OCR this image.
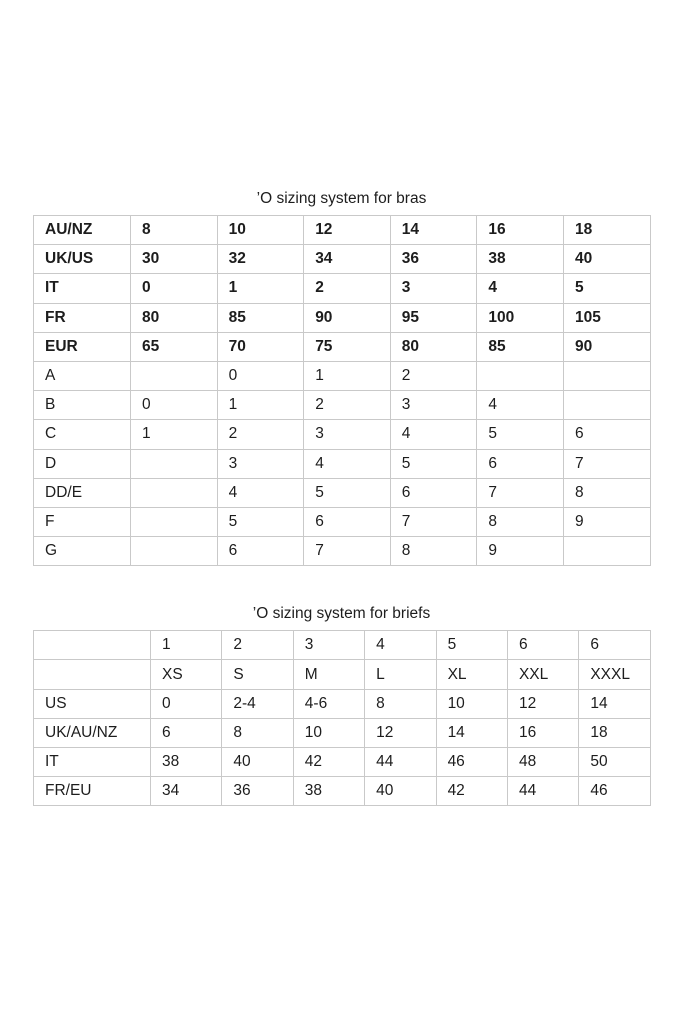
’O sizing system for bras
AU/NZ	8	10	12	14	16	18
UK/US	30	32	34	36	38	40
IT	0	1	2	3	4	5
FR	80	85	90	95	100	105
EUR	65	70	75	80	85	90
A		0	1	2		
B	0	1	2	3	4	
C	1	2	3	4	5	6
D		3	4	5	6	7
DD/E		4	5	6	7	8
F		5	6	7	8	9
G		6	7	8	9	
’O sizing system for briefs
	1	2	3	4	5	6	6
	XS	S	M	L	XL	XXL	XXXL
US	0	2-4	4-6	8	10	12	14
UK/AU/NZ	6	8	10	12	14	16	18
IT	38	40	42	44	46	48	50
FR/EU	34	36	38	40	42	44	46
